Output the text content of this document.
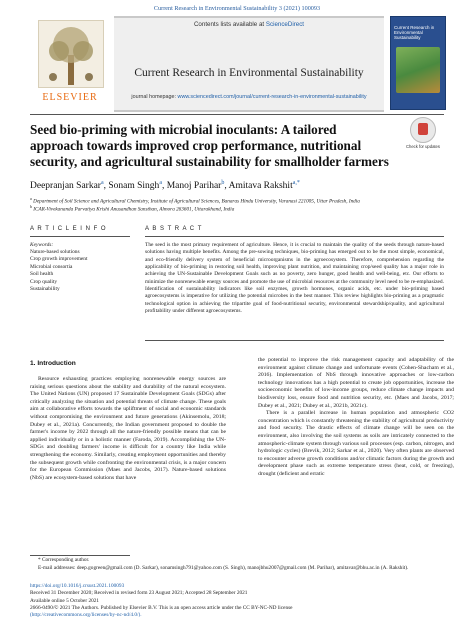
Current Research in Environmental Sustainability 3 (2021) 100093
ELSEVIER
Contents lists available at ScienceDirect
Current Research in Environmental Sustainability
journal homepage: www.sciencedirect.com/journal/current-research-in-environmental-sustainability
Current Research in Environmental Sustainability
Seed bio-priming with microbial inoculants: A tailored approach towards improved crop performance, nutritional security, and agricultural sustainability for smallholder farmers
Check for updates
Deepranjan Sarkar$^a$, Sonam Singh$^a$, Manoj Parihar$^b$, Amitava Rakshit$^{a,*}$
$^a$ Department of Soil Science and Agricultural Chemistry, Institute of Agricultural Sciences, Banaras Hindu University, Varanasi 221005, Uttar Pradesh, India
$^b$ ICAR-Vivekananda Parvatiya Krishi Anusandhan Sansthan, Almora 263601, Uttarakhand, India
A R T I C L E I N F O	A B S T R A C T
Keywords:
Nature-based solutions
Crop growth improvement
Microbial consortia
Soil health
Crop quality
Sustainability
The seed is the most primary requirement of agriculture. Hence, it is crucial to maintain the quality of the seeds through nature-based solutions having multiple benefits. Among the pre-sowing techniques, bio-priming has emerged out to be the most simple, economical, and eco-friendly delivery system of beneficial microorganisms in the agroecosystem. Therefore, comprehension regarding the applicability of bio-priming in restoring soil health, improving plant nutrition, and maintaining crop/seed quality has a major role in achieving the UN-Sustainable Development Goals such as no poverty, zero hunger, good health and well-being, etc. Our efforts to minimize the nonrenewable energy sources and promote the use of microbial resources at the community level need to be re-emphasized. Identification of sustainability indicators like soil enzymes, growth hormones, organic acids, etc. under bio-priming based agroecosystems is imperative for utilizing the potential microbes in the best manner. This review highlights bio-priming as a pragmatic technological option in achieving the tripartite goal of food-nutritional security, environmental stewardship/quality, and agricultural profitability under different agroecosystems.
1. Introduction

Resource exhausting practices employing nonrenewable energy sources are raising serious questions about the stability and durability of the natural ecosystem. The United Nations (UN) proposed 17 Sustainable Development Goals (SDGs) after critically analyzing the situation and potential threats of climate change. These goals aim at collaborative efforts towards the upliftment of social and economic standards without compromising the environment and future generations (Akinsemolu, 2018; Dubey et al., 2021a). Concurrently, the Indian government proposed to double the farmer's income by 2022 through all the nature-friendly possible means that can be applied individually or in a holistic manner (Faroda, 2019). Accomplishing the UN-SDGs and doubling farmers' income is difficult for a country like India while strengthening the economy. Similarly, creating employment opportunities and thereby the subsequent growth while confronting the environmental crisis, is a major concern for the European Commission (Maes and Jacobs, 2017). Nature-based solutions (NbS) are ecosystem-based solutions that have

the potential to improve the risk management capacity and adaptability of the environment against climate change and unfortunate events (Cohen-Shacham et al., 2016). Implementation of NbS through innovative approaches or low-carbon technology innovations has a high potential to create job opportunities, increase the socioeconomic benefits of low-income groups, reduce climate change impacts and biodiversity loss, ensure food and nutrition security, etc. (Maes and Jacobs, 2017; Dubey et al., 2021; Dubey et al., 2021b, 2021c).

There is a parallel increase in human population and atmospheric CO2 concentration which is constantly threatening the stability of agricultural productivity and food security. The drastic effects of climate change will be seen on the environment, also involving the soil systems as soils are intricately connected to the atmospheric-climate system through various soil processes (esp. carbon, nitrogen, and hydrologic cycles) (Brevik, 2012; Sarkar et al., 2020). Very often plants are observed to encounter adverse growth conditions and/or climatic factors during the growth and development phase such as extreme temperature stress (heat, cold, or freezing), drought (deficient and erratic

* Corresponding author.
E-mail addresses: deep.gogreen@gmail.com (D. Sarkar), sonamsingh791@yahoo.com (S. Singh), manojbhu2007@gmail.com (M. Parihar), amitavar@bhu.ac.in (A. Rakshit).
https://doi.org/10.1016/j.crsust.2021.100093
Received 31 December 2020; Received in revised form 23 August 2021; Accepted 28 September 2021
Available online 5 October 2021
2666-0490/© 2021 The Authors. Published by Elsevier B.V. This is an open access article under the CC BY-NC-ND license
(http://creativecommons.org/licenses/by-nc-nd/4.0/).
